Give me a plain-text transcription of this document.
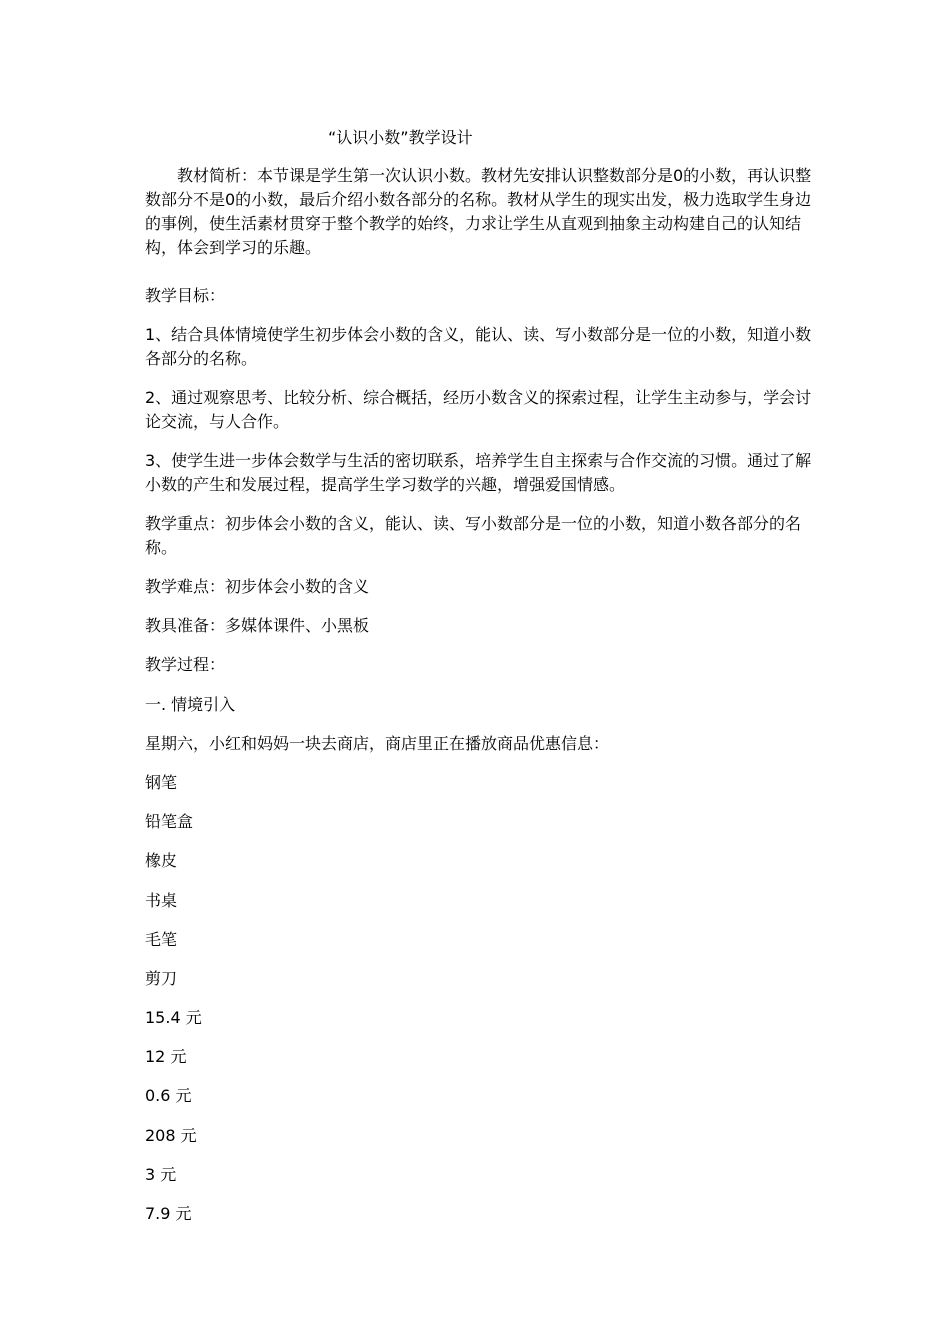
“认识小数”教学设计

教材简析：本节课是学生第一次认识小数。教材先安排认识整数部分是0的小数，再认识整数部分不是0的小数，最后介绍小数各部分的名称。教材从学生的现实出发，极力选取学生身边的事例，使生活素材贯穿于整个教学的始终，力求让学生从直观到抽象主动构建自己的认知结构，体会到学习的乐趣。

教学目标：

1、结合具体情境使学生初步体会小数的含义，能认、读、写小数部分是一位的小数，知道小数各部分的名称。

2、通过观察思考、比较分析、综合概括，经历小数含义的探索过程，让学生主动参与，学会讨论交流，与人合作。

3、使学生进一步体会数学与生活的密切联系，培养学生自主探索与合作交流的习惯。通过了解小数的产生和发展过程，提高学生学习数学的兴趣，增强爱国情感。

教学重点：初步体会小数的含义，能认、读、写小数部分是一位的小数，知道小数各部分的名称。

教学难点：初步体会小数的含义
教具准备：多媒体课件、小黑板
教学过程：
一. 情境引入
星期六，小红和妈妈一块去商店，商店里正在播放商品优惠信息：
钢笔
铅笔盒
橡皮
书桌
毛笔
剪刀
15.4 元
12 元
0.6 元
208 元
3 元
7.9 元
